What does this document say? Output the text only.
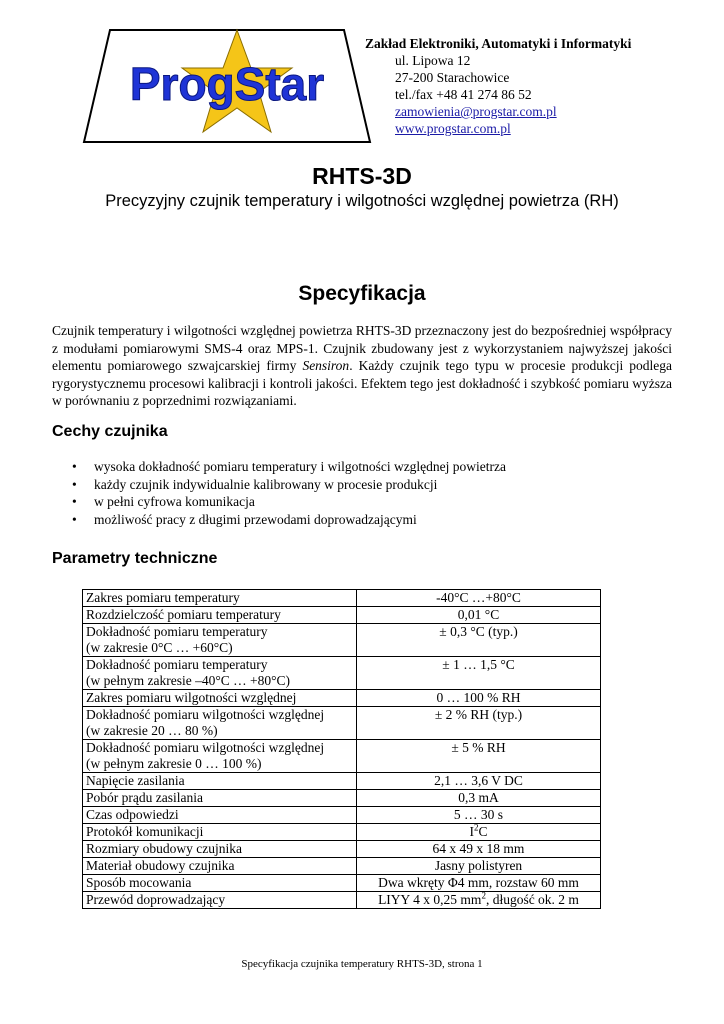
ProgStar
Zakład Elektroniki, Automatyki i Informatyki
ul. Lipowa 12
27-200 Starachowice
tel./fax +48 41 274 86 52
zamowienia@progstar.com.pl
www.progstar.com.pl
RHTS-3D
Precyzyjny czujnik temperatury i wilgotności względnej powietrza (RH)
Specyfikacja
Czujnik temperatury i wilgotności względnej powietrza RHTS-3D przeznaczony jest do bezpośredniej współpracy z modułami pomiarowymi SMS-4 oraz MPS-1. Czujnik zbudowany jest z wykorzystaniem najwyższej jakości elementu pomiarowego szwajcarskiej firmy Sensiron. Każdy czujnik tego typu w procesie produkcji podlega rygorystycznemu procesowi kalibracji i kontroli jakości. Efektem tego jest dokładność i szybkość pomiaru wyższa w porównaniu z poprzednimi rozwiązaniami.
Cechy czujnika
• wysoka dokładność pomiaru temperatury i wilgotności względnej powietrza
• każdy czujnik indywidualnie kalibrowany w procesie produkcji
• w pełni cyfrowa komunikacja
• możliwość pracy z długimi przewodami doprowadzającymi
Parametry techniczne
Zakres pomiaru temperatury	-40°C …+80°C
Rozdzielczość pomiaru temperatury	0,01 °C

Dokładność pomiaru temperatury
(w zakresie 0°C … +60°C)	± 0,3 °C (typ.)

Dokładność pomiaru temperatury
(w pełnym zakresie –40°C … +80°C)	± 1 … 1,5 °C
Zakres pomiaru wilgotności względnej	0 … 100 % RH

Dokładność pomiaru wilgotności względnej
(w zakresie 20 … 80 %)	± 2 % RH (typ.)

Dokładność pomiaru wilgotności względnej
(w pełnym zakresie 0 … 100 %)	± 5 % RH
Napięcie zasilania	2,1 … 3,6 V DC
Pobór prądu zasilania	0,3 mA
Czas odpowiedzi	5 … 30 s
Protokół komunikacji	$I^2C$
Rozmiary obudowy czujnika	64 x 49 x 18 mm
Materiał obudowy czujnika	Jasny polistyren
Sposób mocowania	Dwa wkręty Φ4 mm, rozstaw 60 mm
Przewód doprowadzający	LIYY 4 x 0,25 $mm^2$, długość ok. 2 m
Specyfikacja czujnika temperatury RHTS-3D, strona 1
